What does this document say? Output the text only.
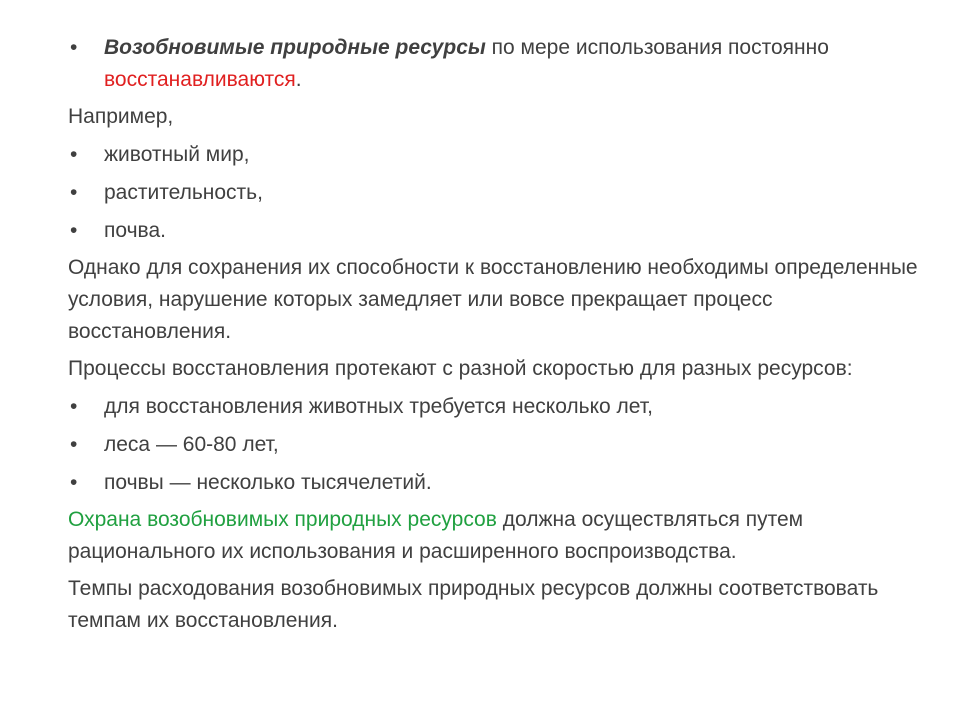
• Возобновимые природные ресурсы по мере использования постоянно восстанавливаются.
Например,
• животный мир,
• растительность,
• почва.
Однако для сохранения их способности к восстановлению необходимы определенные условия, нарушение которых замедляет или вовсе прекращает процесс восстановления.
Процессы восстановления протекают с разной скоростью для разных ресурсов:
• для восстановления животных требуется несколько лет,
• леса — 60-80 лет,
• почвы — несколько тысячелетий.
Охрана возобновимых природных ресурсов должна осуществляться путем рационального их использования и расширенного воспроизводства.
Темпы расходования возобновимых природных ресурсов должны соответствовать темпам их восстановления.
